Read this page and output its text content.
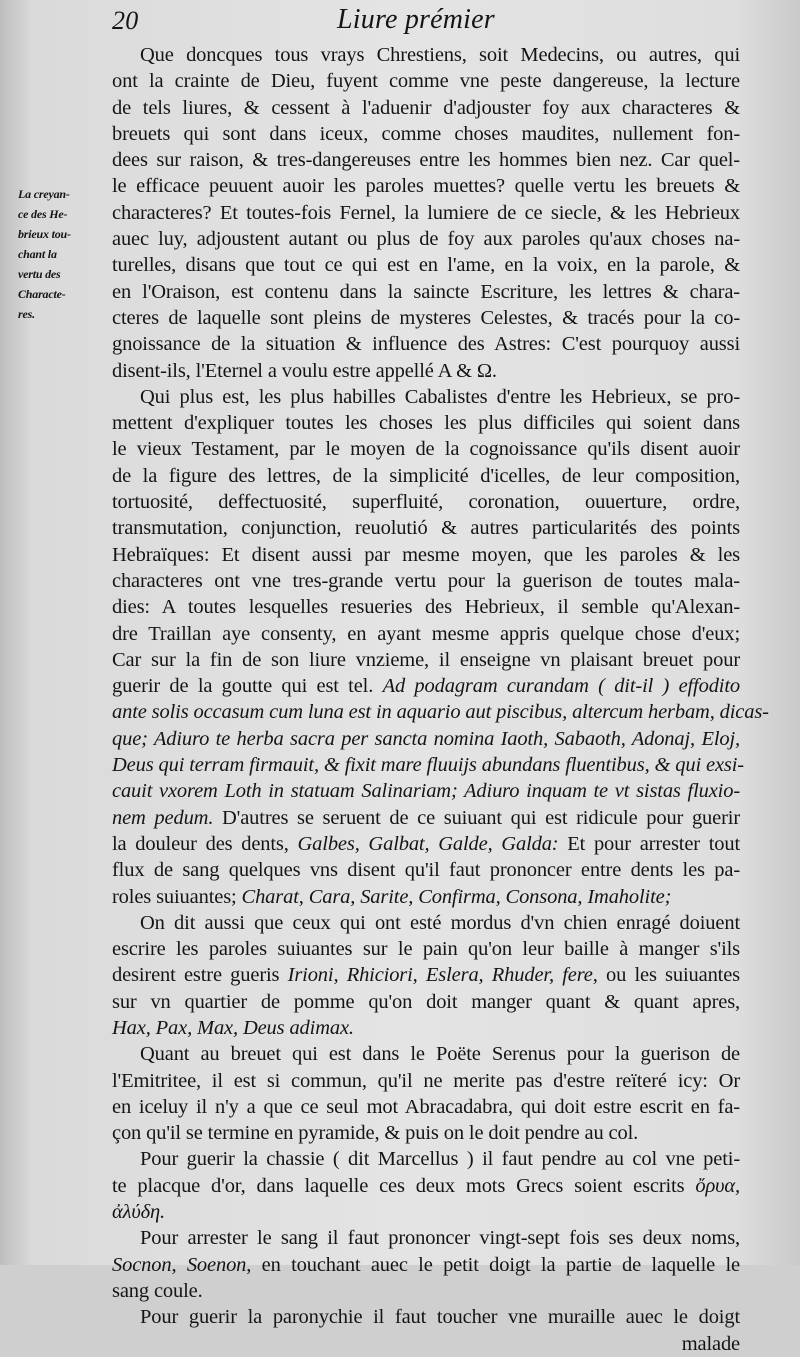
20	Liure prémier
La creyan-
ce des He-
brieux tou-
chant la
vertu des
Characte-
res.
Que doncques tous vrays Chrestiens, soit Medecins, ou autres, qui
ont la crainte de Dieu, fuyent comme vne peste dangereuse, la lecture
de tels liures, & cessent à l'aduenir d'adjouster foy aux characteres &
breuets qui sont dans iceux, comme choses maudites, nullement fon-
dees sur raison, & tres-dangereuses entre les hommes bien nez. Car quel-
le efficace peuuent auoir les paroles muettes? quelle vertu les breuets &
characteres? Et toutes-fois Fernel, la lumiere de ce siecle, & les Hebrieux
auec luy, adjoustent autant ou plus de foy aux paroles qu'aux choses na-
turelles, disans que tout ce qui est en l'ame, en la voix, en la parole, &
en l'Oraison, est contenu dans la saincte Escriture, les lettres & chara-
cteres de laquelle sont pleins de mysteres Celestes, & tracés pour la co-
gnoissance de la situation & influence des Astres: C'est pourquoy aussi
disent-ils, l'Eternel a voulu estre appellé A & Ω.
Qui plus est, les plus habilles Cabalistes d'entre les Hebrieux, se pro-
mettent d'expliquer toutes les choses les plus difficiles qui soient dans
le vieux Testament, par le moyen de la cognoissance qu'ils disent auoir
de la figure des lettres, de la simplicité d'icelles, de leur composition,
tortuosité, deffectuosité, superfluité, coronation, ouuerture, ordre,
transmutation, conjunction, reuolutió & autres particularités des points
Hebraïques: Et disent aussi par mesme moyen, que les paroles & les
characteres ont vne tres-grande vertu pour la guerison de toutes mala-
dies: A toutes lesquelles resueries des Hebrieux, il semble qu'Alexan-
dre Traillan aye consenty, en ayant mesme appris quelque chose d'eux;
Car sur la fin de son liure vnzieme, il enseigne vn plaisant breuet pour
guerir de la goutte qui est tel. Ad podagram curandam ( dit-il ) effodito
ante solis occasum cum luna est in aquario aut piscibus, altercum herbam, dicas-
que; Adiuro te herba sacra per sancta nomina Iaoth, Sabaoth, Adonaj, Eloj,
Deus qui terram firmauit, & fixit mare fluuijs abundans fluentibus, & qui exsi-
cauit vxorem Loth in statuam Salinariam; Adiuro inquam te vt sistas fluxio-
nem pedum. D'autres se seruent de ce suiuant qui est ridicule pour guerir
la douleur des dents, Galbes, Galbat, Galde, Galda: Et pour arrester tout
flux de sang quelques vns disent qu'il faut prononcer entre dents les pa-
roles suiuantes; Charat, Cara, Sarite, Confirma, Consona, Imaholite;
On dit aussi que ceux qui ont esté mordus d'vn chien enragé doiuent
escrire les paroles suiuantes sur le pain qu'on leur baille à manger s'ils
desirent estre gueris Irioni, Rhiciori, Eslera, Rhuder, fere, ou les suiuantes
sur vn quartier de pomme qu'on doit manger quant & quant apres,
Hax, Pax, Max, Deus adimax.
Quant au breuet qui est dans le Poëte Serenus pour la guerison de
l'Emitritee, il est si commun, qu'il ne merite pas d'estre reïteré icy: Or
en iceluy il n'y a que ce seul mot Abracadabra, qui doit estre escrit en fa-
çon qu'il se termine en pyramide, & puis on le doit pendre au col.
Pour guerir la chassie ( dit Marcellus ) il faut pendre au col vne peti-
te placque d'or, dans laquelle ces deux mots Grecs soient escrits ὄρυα,
ἀλύδη.
Pour arrester le sang il faut prononcer vingt-sept fois ses deux noms,
Socnon, Soenon, en touchant auec le petit doigt la partie de laquelle le
sang coule.
Pour guerir la paronychie il faut toucher vne muraille auec le doigt
malade
